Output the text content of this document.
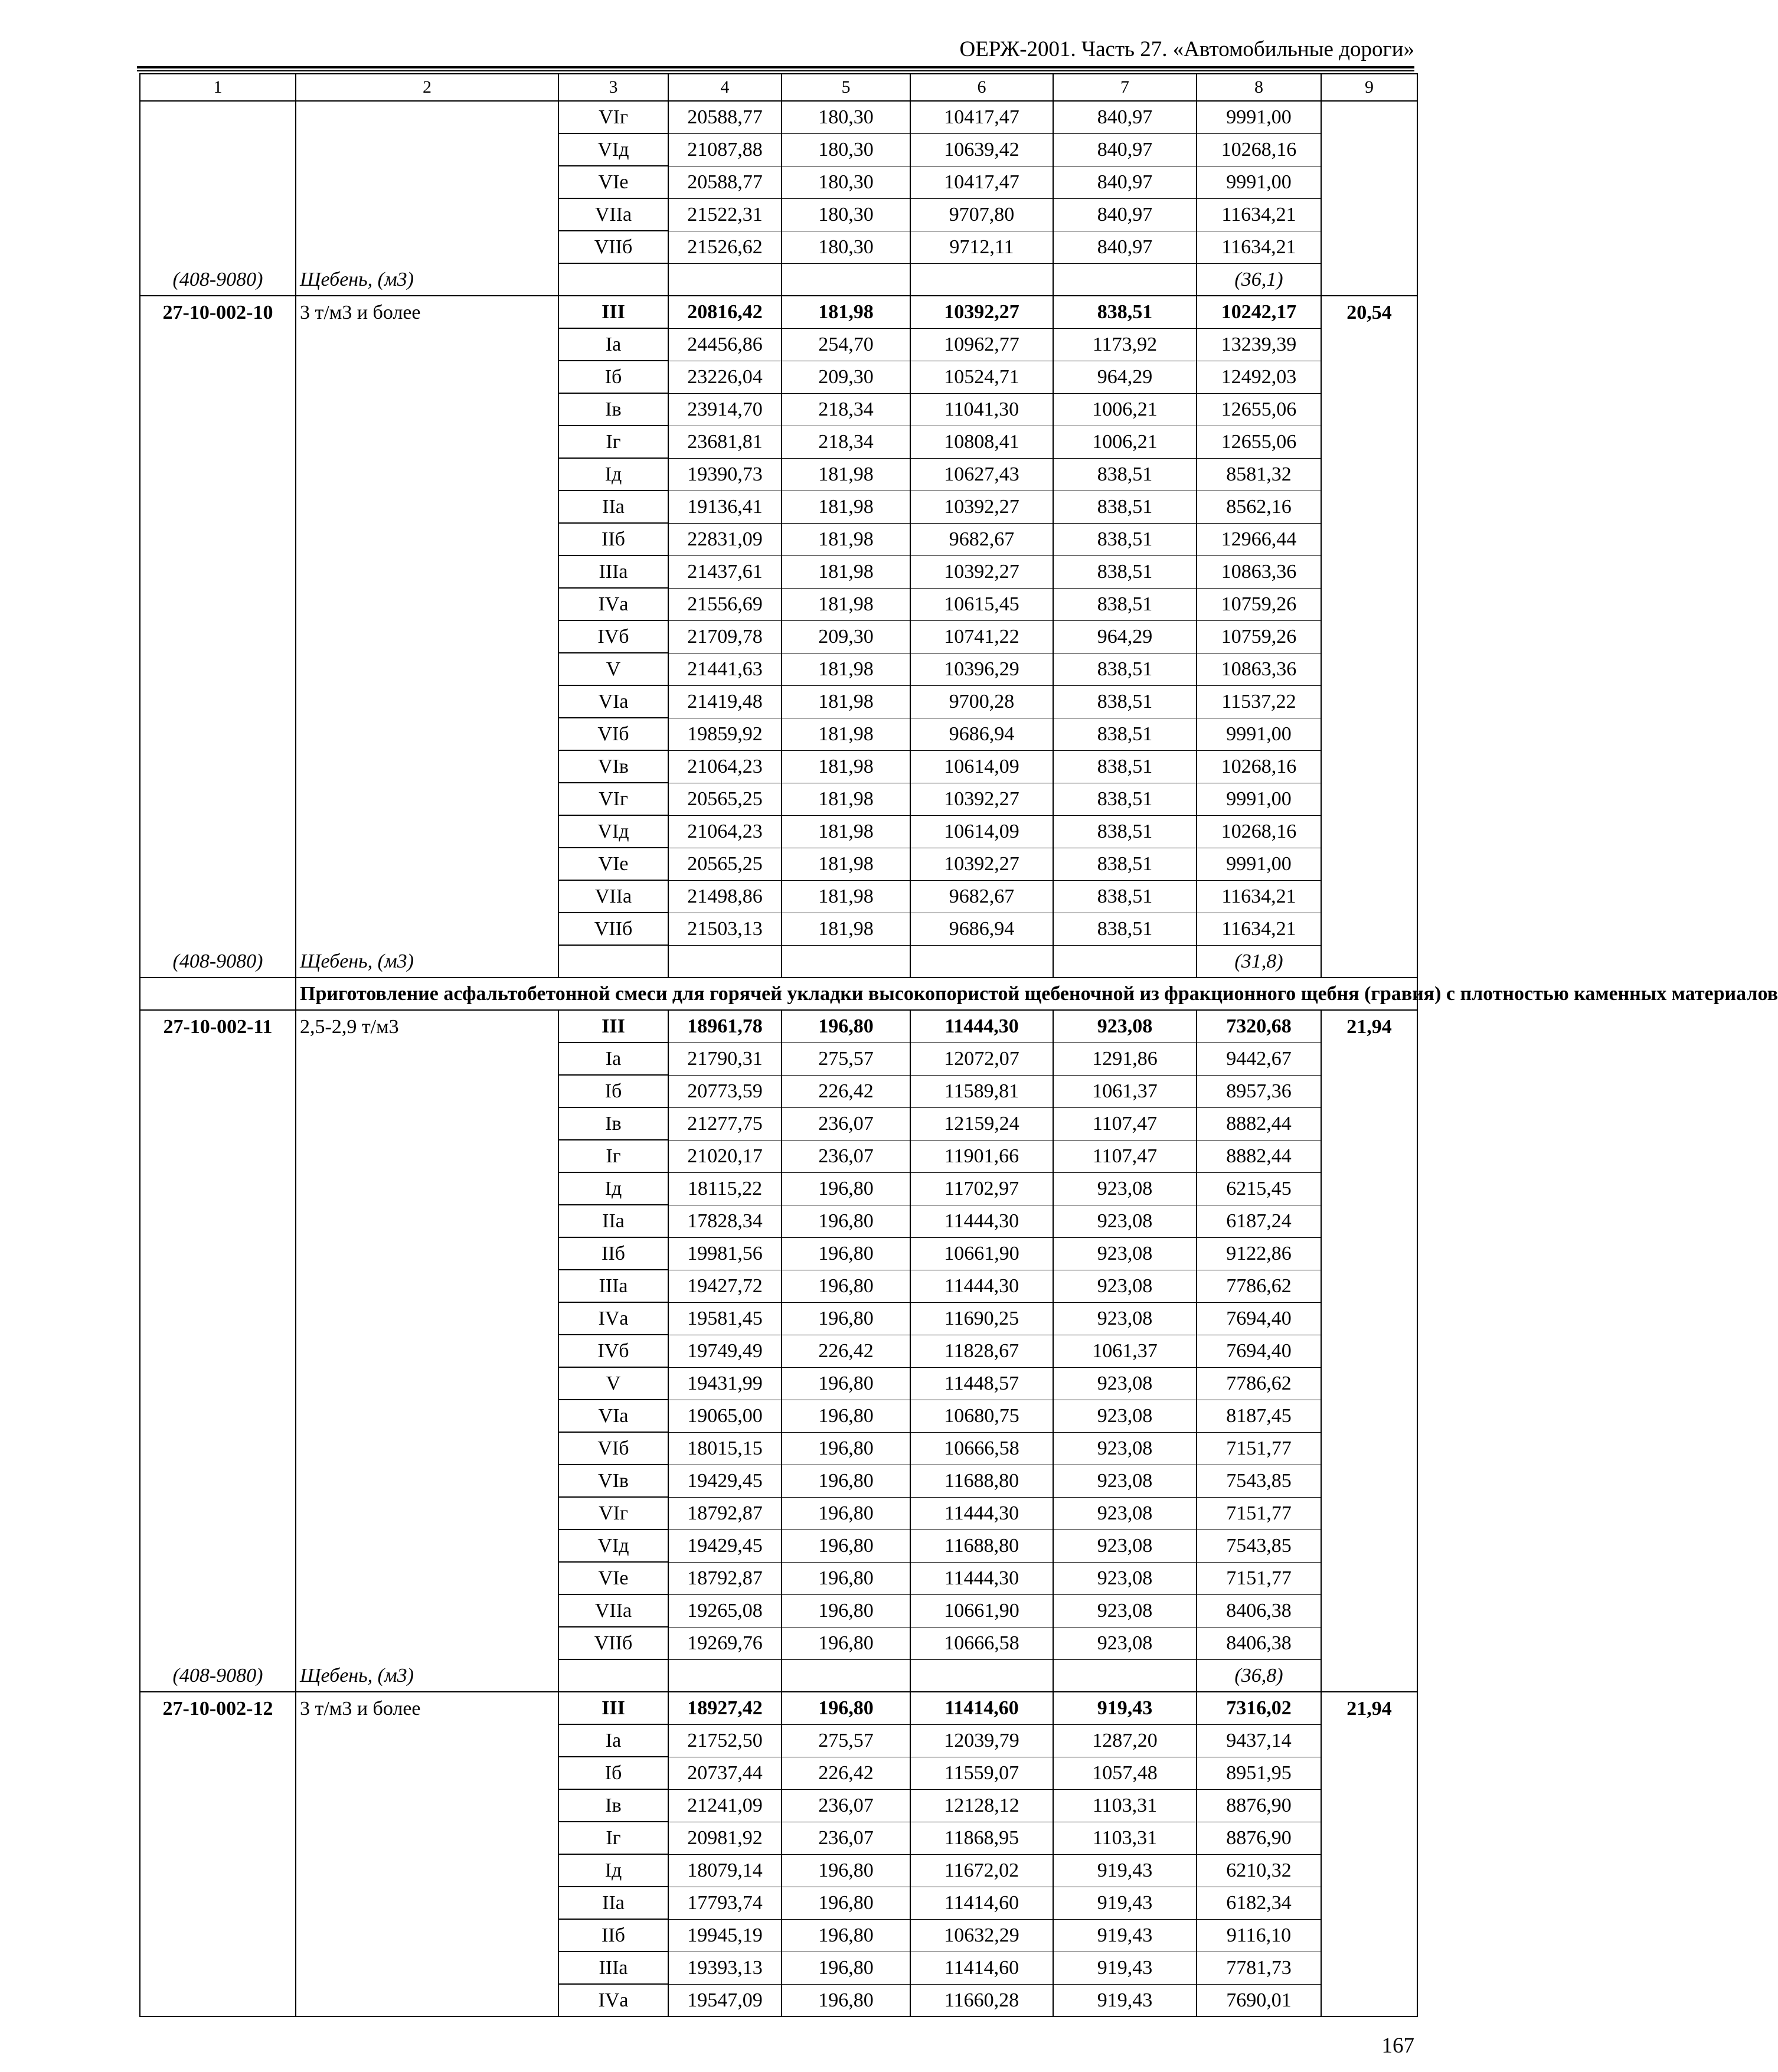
ОЕРЖ-2001. Часть 27. «Автомобильные дороги»
1	2	3	4	5	6	7	8	9
		VIг	20588,77	180,30	10417,47	840,97	9991,00	
		VIд	21087,88	180,30	10639,42	840,97	10268,16	
		VIе	20588,77	180,30	10417,47	840,97	9991,00	
		VIIа	21522,31	180,30	9707,80	840,97	11634,21	
		VIIб	21526,62	180,30	9712,11	840,97	11634,21	
(408-9080)	Щебень, (м3)						(36,1)	
27-10-002-10	3 т/м3 и более	III	20816,42	181,98	10392,27	838,51	10242,17	20,54
		Iа	24456,86	254,70	10962,77	1173,92	13239,39	
		Iб	23226,04	209,30	10524,71	964,29	12492,03	
		Iв	23914,70	218,34	11041,30	1006,21	12655,06	
		Iг	23681,81	218,34	10808,41	1006,21	12655,06	
		Iд	19390,73	181,98	10627,43	838,51	8581,32	
		IIа	19136,41	181,98	10392,27	838,51	8562,16	
		IIб	22831,09	181,98	9682,67	838,51	12966,44	
		IIIа	21437,61	181,98	10392,27	838,51	10863,36	
		IVа	21556,69	181,98	10615,45	838,51	10759,26	
		IVб	21709,78	209,30	10741,22	964,29	10759,26	
		V	21441,63	181,98	10396,29	838,51	10863,36	
		VIа	21419,48	181,98	9700,28	838,51	11537,22	
		VIб	19859,92	181,98	9686,94	838,51	9991,00	
		VIв	21064,23	181,98	10614,09	838,51	10268,16	
		VIг	20565,25	181,98	10392,27	838,51	9991,00	
		VIд	21064,23	181,98	10614,09	838,51	10268,16	
		VIе	20565,25	181,98	10392,27	838,51	9991,00	
		VIIа	21498,86	181,98	9682,67	838,51	11634,21	
		VIIб	21503,13	181,98	9686,94	838,51	11634,21	
(408-9080)	Щебень, (м3)						(31,8)	
	Приготовление асфальтобетонной смеси для горячей укладки высокопористой щебеночной из фракционного щебня (гравия) с плотностью каменных материалов							
27-10-002-11	2,5-2,9 т/м3	III	18961,78	196,80	11444,30	923,08	7320,68	21,94
		Iа	21790,31	275,57	12072,07	1291,86	9442,67	
		Iб	20773,59	226,42	11589,81	1061,37	8957,36	
		Iв	21277,75	236,07	12159,24	1107,47	8882,44	
		Iг	21020,17	236,07	11901,66	1107,47	8882,44	
		Iд	18115,22	196,80	11702,97	923,08	6215,45	
		IIа	17828,34	196,80	11444,30	923,08	6187,24	
		IIб	19981,56	196,80	10661,90	923,08	9122,86	
		IIIа	19427,72	196,80	11444,30	923,08	7786,62	
		IVа	19581,45	196,80	11690,25	923,08	7694,40	
		IVб	19749,49	226,42	11828,67	1061,37	7694,40	
		V	19431,99	196,80	11448,57	923,08	7786,62	
		VIа	19065,00	196,80	10680,75	923,08	8187,45	
		VIб	18015,15	196,80	10666,58	923,08	7151,77	
		VIв	19429,45	196,80	11688,80	923,08	7543,85	
		VIг	18792,87	196,80	11444,30	923,08	7151,77	
		VIд	19429,45	196,80	11688,80	923,08	7543,85	
		VIе	18792,87	196,80	11444,30	923,08	7151,77	
		VIIа	19265,08	196,80	10661,90	923,08	8406,38	
		VIIб	19269,76	196,80	10666,58	923,08	8406,38	
(408-9080)	Щебень, (м3)						(36,8)	
27-10-002-12	3 т/м3 и более	III	18927,42	196,80	11414,60	919,43	7316,02	21,94
		Iа	21752,50	275,57	12039,79	1287,20	9437,14	
		Iб	20737,44	226,42	11559,07	1057,48	8951,95	
		Iв	21241,09	236,07	12128,12	1103,31	8876,90	
		Iг	20981,92	236,07	11868,95	1103,31	8876,90	
		Iд	18079,14	196,80	11672,02	919,43	6210,32	
		IIа	17793,74	196,80	11414,60	919,43	6182,34	
		IIб	19945,19	196,80	10632,29	919,43	9116,10	
		IIIа	19393,13	196,80	11414,60	919,43	7781,73	
		IVа	19547,09	196,80	11660,28	919,43	7690,01	
167
